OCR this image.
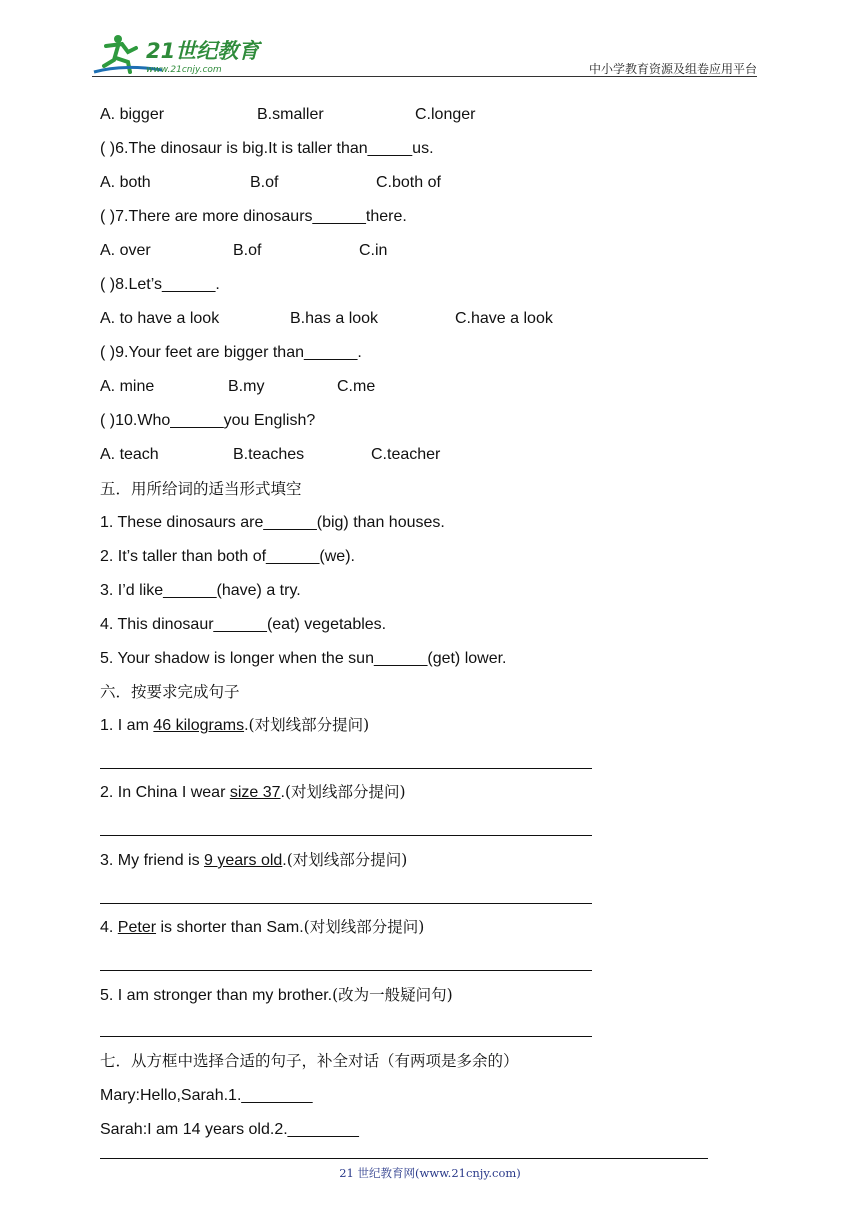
21世纪教育
www.21cnjy.com	中小学教育资源及组卷应用平台
A. bigger	B.smaller	C.longer
( )6.The dinosaur is big.It is taller than_____us.
A. both	B.of	C.both of
( )7.There are more dinosaurs______there.
A. over	B.of	C.in
( )8.Let’s______.
A. to have a look	B.has a look	C.have a look
( )9.Your feet are bigger than______.
A. mine	B.my	C.me
( )10.Who______you English?
A. teach	B.teaches	C.teacher
五．用所给词的适当形式填空
1. These dinosaurs are______(big) than houses.
2. It’s taller than both of______(we).
3. I’d like______(have) a try.
4. This dinosaur______(eat) vegetables.
5. Your shadow is longer when the sun______(get) lower.
六．按要求完成句子
1. I am 46 kilograms.(对划线部分提问)
2. In China I wear size 37.(对划线部分提问)
3. My friend is 9 years old.(对划线部分提问)
4. Peter is shorter than Sam.(对划线部分提问)
5. I am stronger than my brother.(改为一般疑问句)
七．从方框中选择合适的句子，补全对话（有两项是多余的）
Mary:Hello,Sarah.1.________
Sarah:I am 14 years old.2.________
21 世纪教育网(www.21cnjy.com)
